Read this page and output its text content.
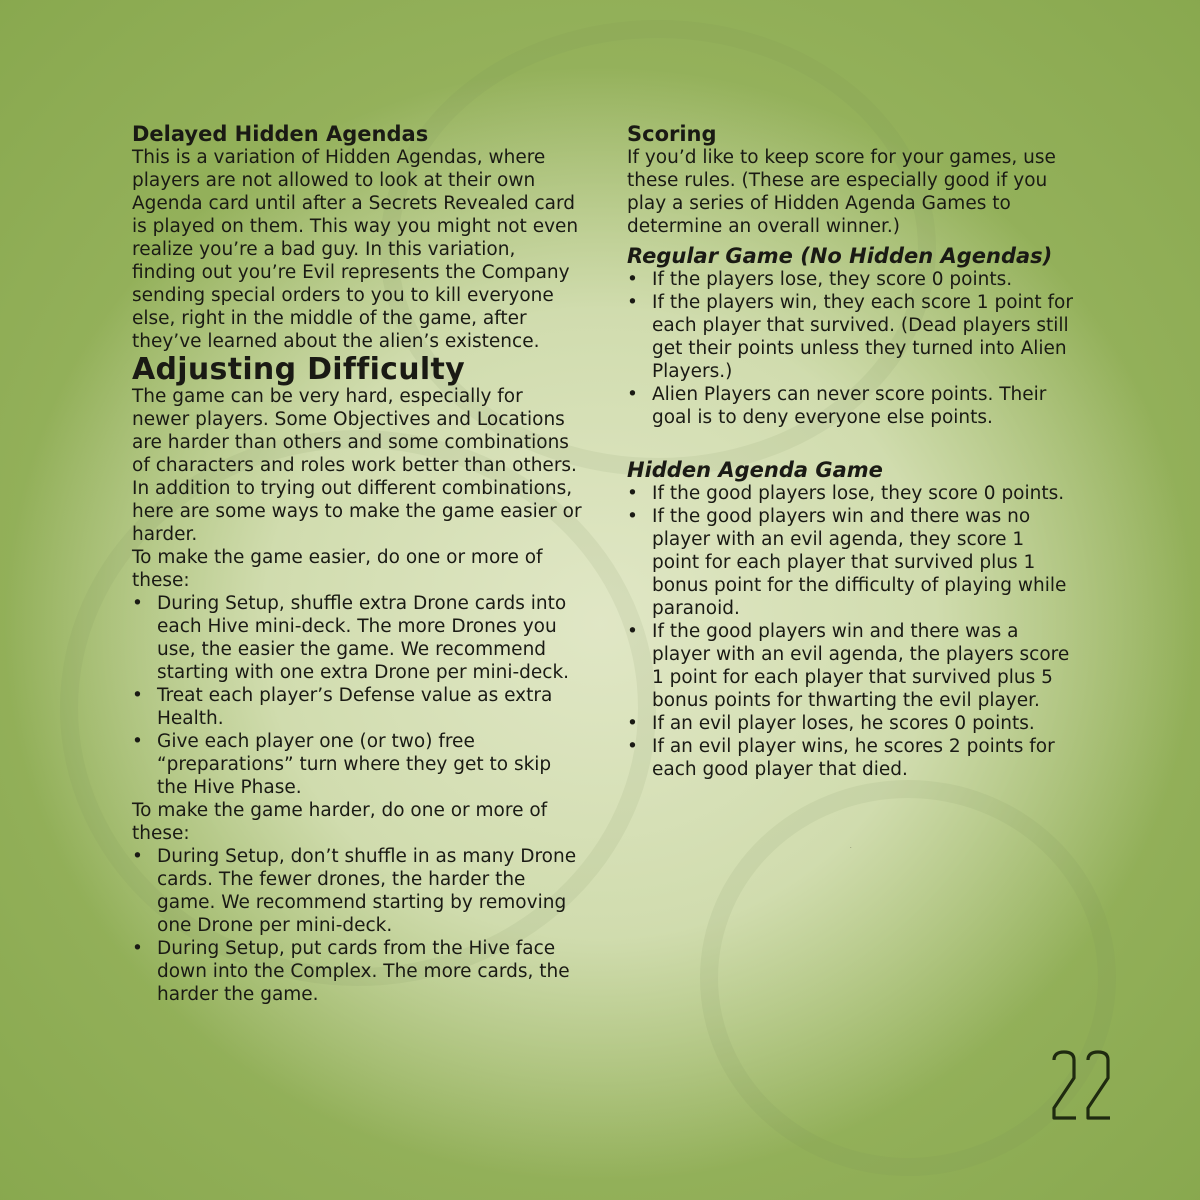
Delayed Hidden Agendas

This is a variation of Hidden Agendas, where players are not allowed to look at their own Agenda card until after a Secrets Revealed card is played on them. This way you might not even realize you’re a bad guy. In this variation, finding out you’re Evil represents the Company sending special orders to you to kill everyone else, right in the middle of the game, after they’ve learned about the alien’s existence.

Adjusting Difficulty

The game can be very hard, especially for newer players. Some Objectives and Locations are harder than others and some combinations of characters and roles work better than others. In addition to trying out different combinations, here are some ways to make the game easier or harder.

To make the game easier, do one or more of these:

• During Setup, shuffle extra Drone cards into each Hive mini-deck. The more Drones you use, the easier the game. We recommend starting with one extra Drone per mini-deck.
• Treat each player’s Defense value as extra Health.
• Give each player one (or two) free “preparations” turn where they get to skip the Hive Phase.

To make the game harder, do one or more of these:

• During Setup, don’t shuffle in as many Drone cards. The fewer drones, the harder the game. We recommend starting by removing one Drone per mini-deck.
• During Setup, put cards from the Hive face down into the Complex. The more cards, the harder the game.
Scoring

If you’d like to keep score for your games, use these rules. (These are especially good if you play a series of Hidden Agenda Games to determine an overall winner.)

Regular Game (No Hidden Agendas)
• If the players lose, they score 0 points.
• If the players win, they each score 1 point for each player that survived. (Dead players still get their points unless they turned into Alien Players.)
• Alien Players can never score points. Their goal is to deny everyone else points.
Hidden Agenda Game
• If the good players lose, they score 0 points.
• If the good players win and there was no player with an evil agenda, they score 1 point for each player that survived plus 1 bonus point for the difficulty of playing while paranoid.
• If the good players win and there was a player with an evil agenda, the players score 1 point for each player that survived plus 5 bonus points for thwarting the evil player.
• If an evil player loses, he scores 0 points.
• If an evil player wins, he scores 2 points for each good player that died.
22
